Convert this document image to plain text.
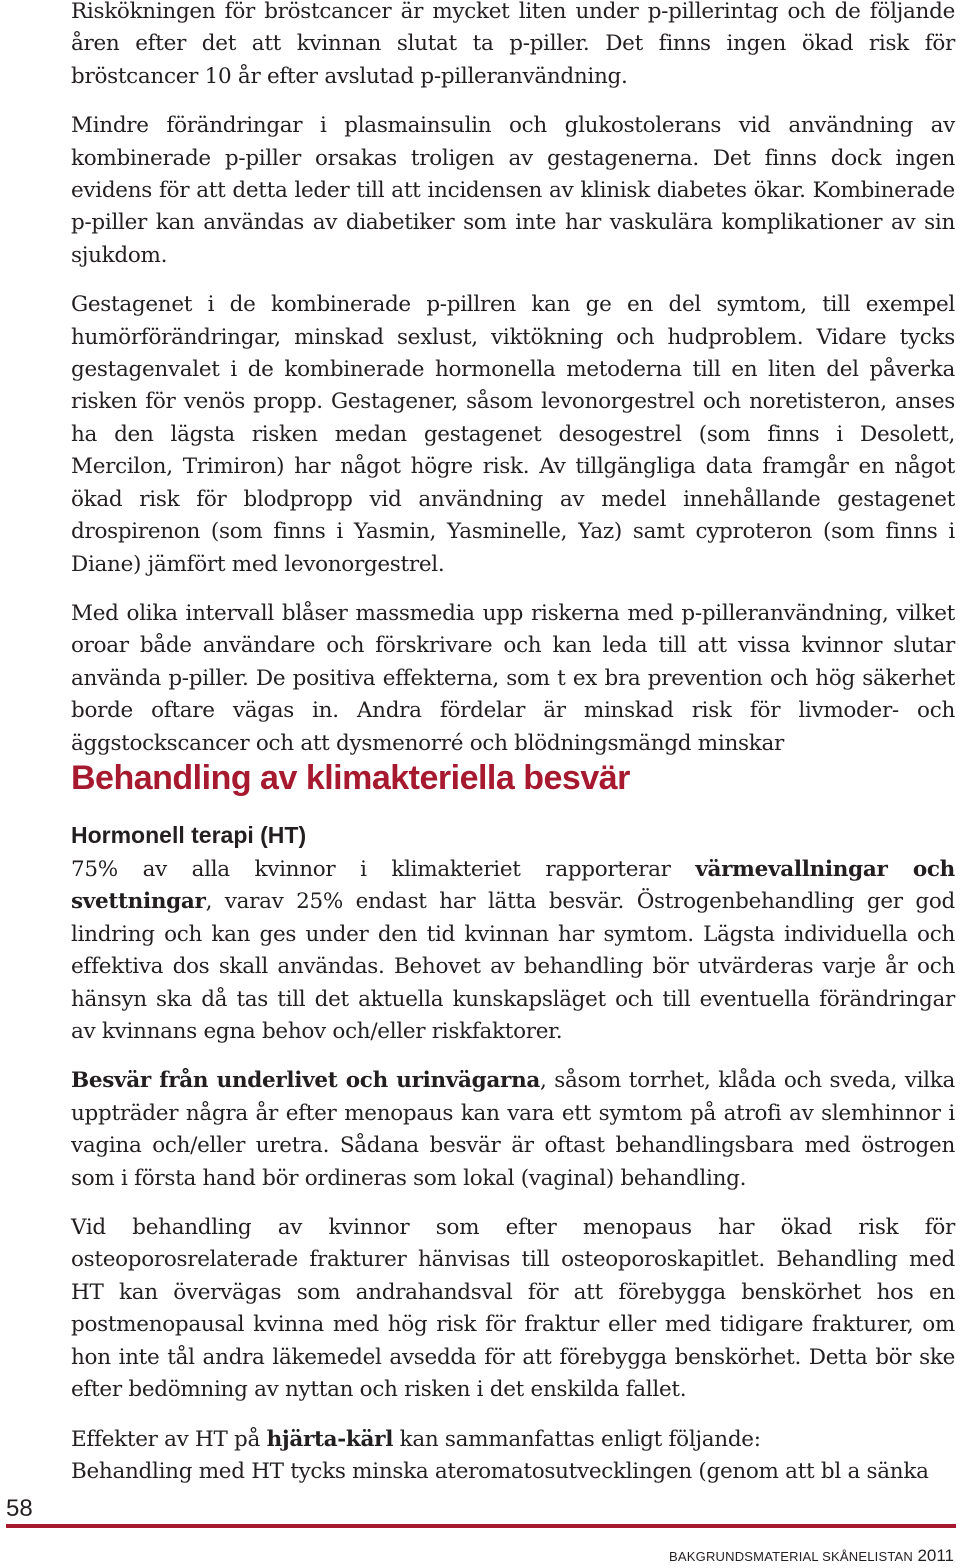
Riskökningen för bröstcancer är mycket liten under p-pillerintag och de följande åren efter det att kvinnan slutat ta p-piller. Det finns ingen ökad risk för bröstcancer 10 år efter avslutad p-pilleranvändning.

Mindre förändringar i plasmainsulin och glukostolerans vid användning av kombinerade p-piller orsakas troligen av gestagenerna. Det finns dock ingen evidens för att detta leder till att incidensen av klinisk diabetes ökar. Kombinerade p-piller kan användas av diabetiker som inte har vaskulära komplikationer av sin sjukdom.

Gestagenet i de kombinerade p-pillren kan ge en del symtom, till exempel humörförändringar, minskad sexlust, viktökning och hudproblem. Vidare tycks gestagenvalet i de kombinerade hormonella metoderna till en liten del påverka risken för venös propp. Gestagener, såsom levonorgestrel och noretisteron, anses ha den lägsta risken medan gestagenet desogestrel (som finns i Desolett, Mercilon, Trimiron) har något högre risk. Av tillgängliga data framgår en något ökad risk för blodpropp vid användning av medel innehållande gestagenet drospirenon (som finns i Yasmin, Yasminelle, Yaz) samt cyproteron (som finns i Diane) jämfört med levonorgestrel.

Med olika intervall blåser massmedia upp riskerna med p-pilleranvändning, vilket oroar både användare och förskrivare och kan leda till att vissa kvinnor slutar använda p-piller. De positiva effekterna, som t ex bra prevention och hög säkerhet borde oftare vägas in. Andra fördelar är minskad risk för livmoder- och äggstockscancer och att dysmenorré och blödningsmängd minskar

Behandling av klimakteriella besvär
Hormonell terapi (HT)

75% av alla kvinnor i klimakteriet rapporterar värmevallningar och svettningar, varav 25% endast har lätta besvär. Östrogenbehandling ger god lindring och kan ges under den tid kvinnan har symtom. Lägsta individuella och effektiva dos skall användas. Behovet av behandling bör utvärderas varje år och hänsyn ska då tas till det aktuella kunskapsläget och till eventuella förändringar av kvinnans egna behov och/eller riskfaktorer.

Besvär från underlivet och urinvägarna, såsom torrhet, klåda och sveda, vilka uppträder några år efter menopaus kan vara ett symtom på atrofi av slemhinnor i vagina och/eller uretra. Sådana besvär är oftast behandlingsbara med östrogen som i första hand bör ordineras som lokal (vaginal) behandling.

Vid behandling av kvinnor som efter menopaus har ökad risk för osteoporosrelaterade frakturer hänvisas till osteoporoskapitlet. Behandling med HT kan övervägas som andrahandsval för att förebygga benskörhet hos en postmenopausal kvinna med hög risk för fraktur eller med tidigare frakturer, om hon inte tål andra läkemedel avsedda för att förebygga benskörhet. Detta bör ske efter bedömning av nyttan och risken i det enskilda fallet.

Effekter av HT på hjärta-kärl kan sammanfattas enligt följande:
Behandling med HT tycks minska ateromatosutvecklingen (genom att bl a sänka

58
BAKGRUNDSMATERIAL SKÅNELISTAN 2011
